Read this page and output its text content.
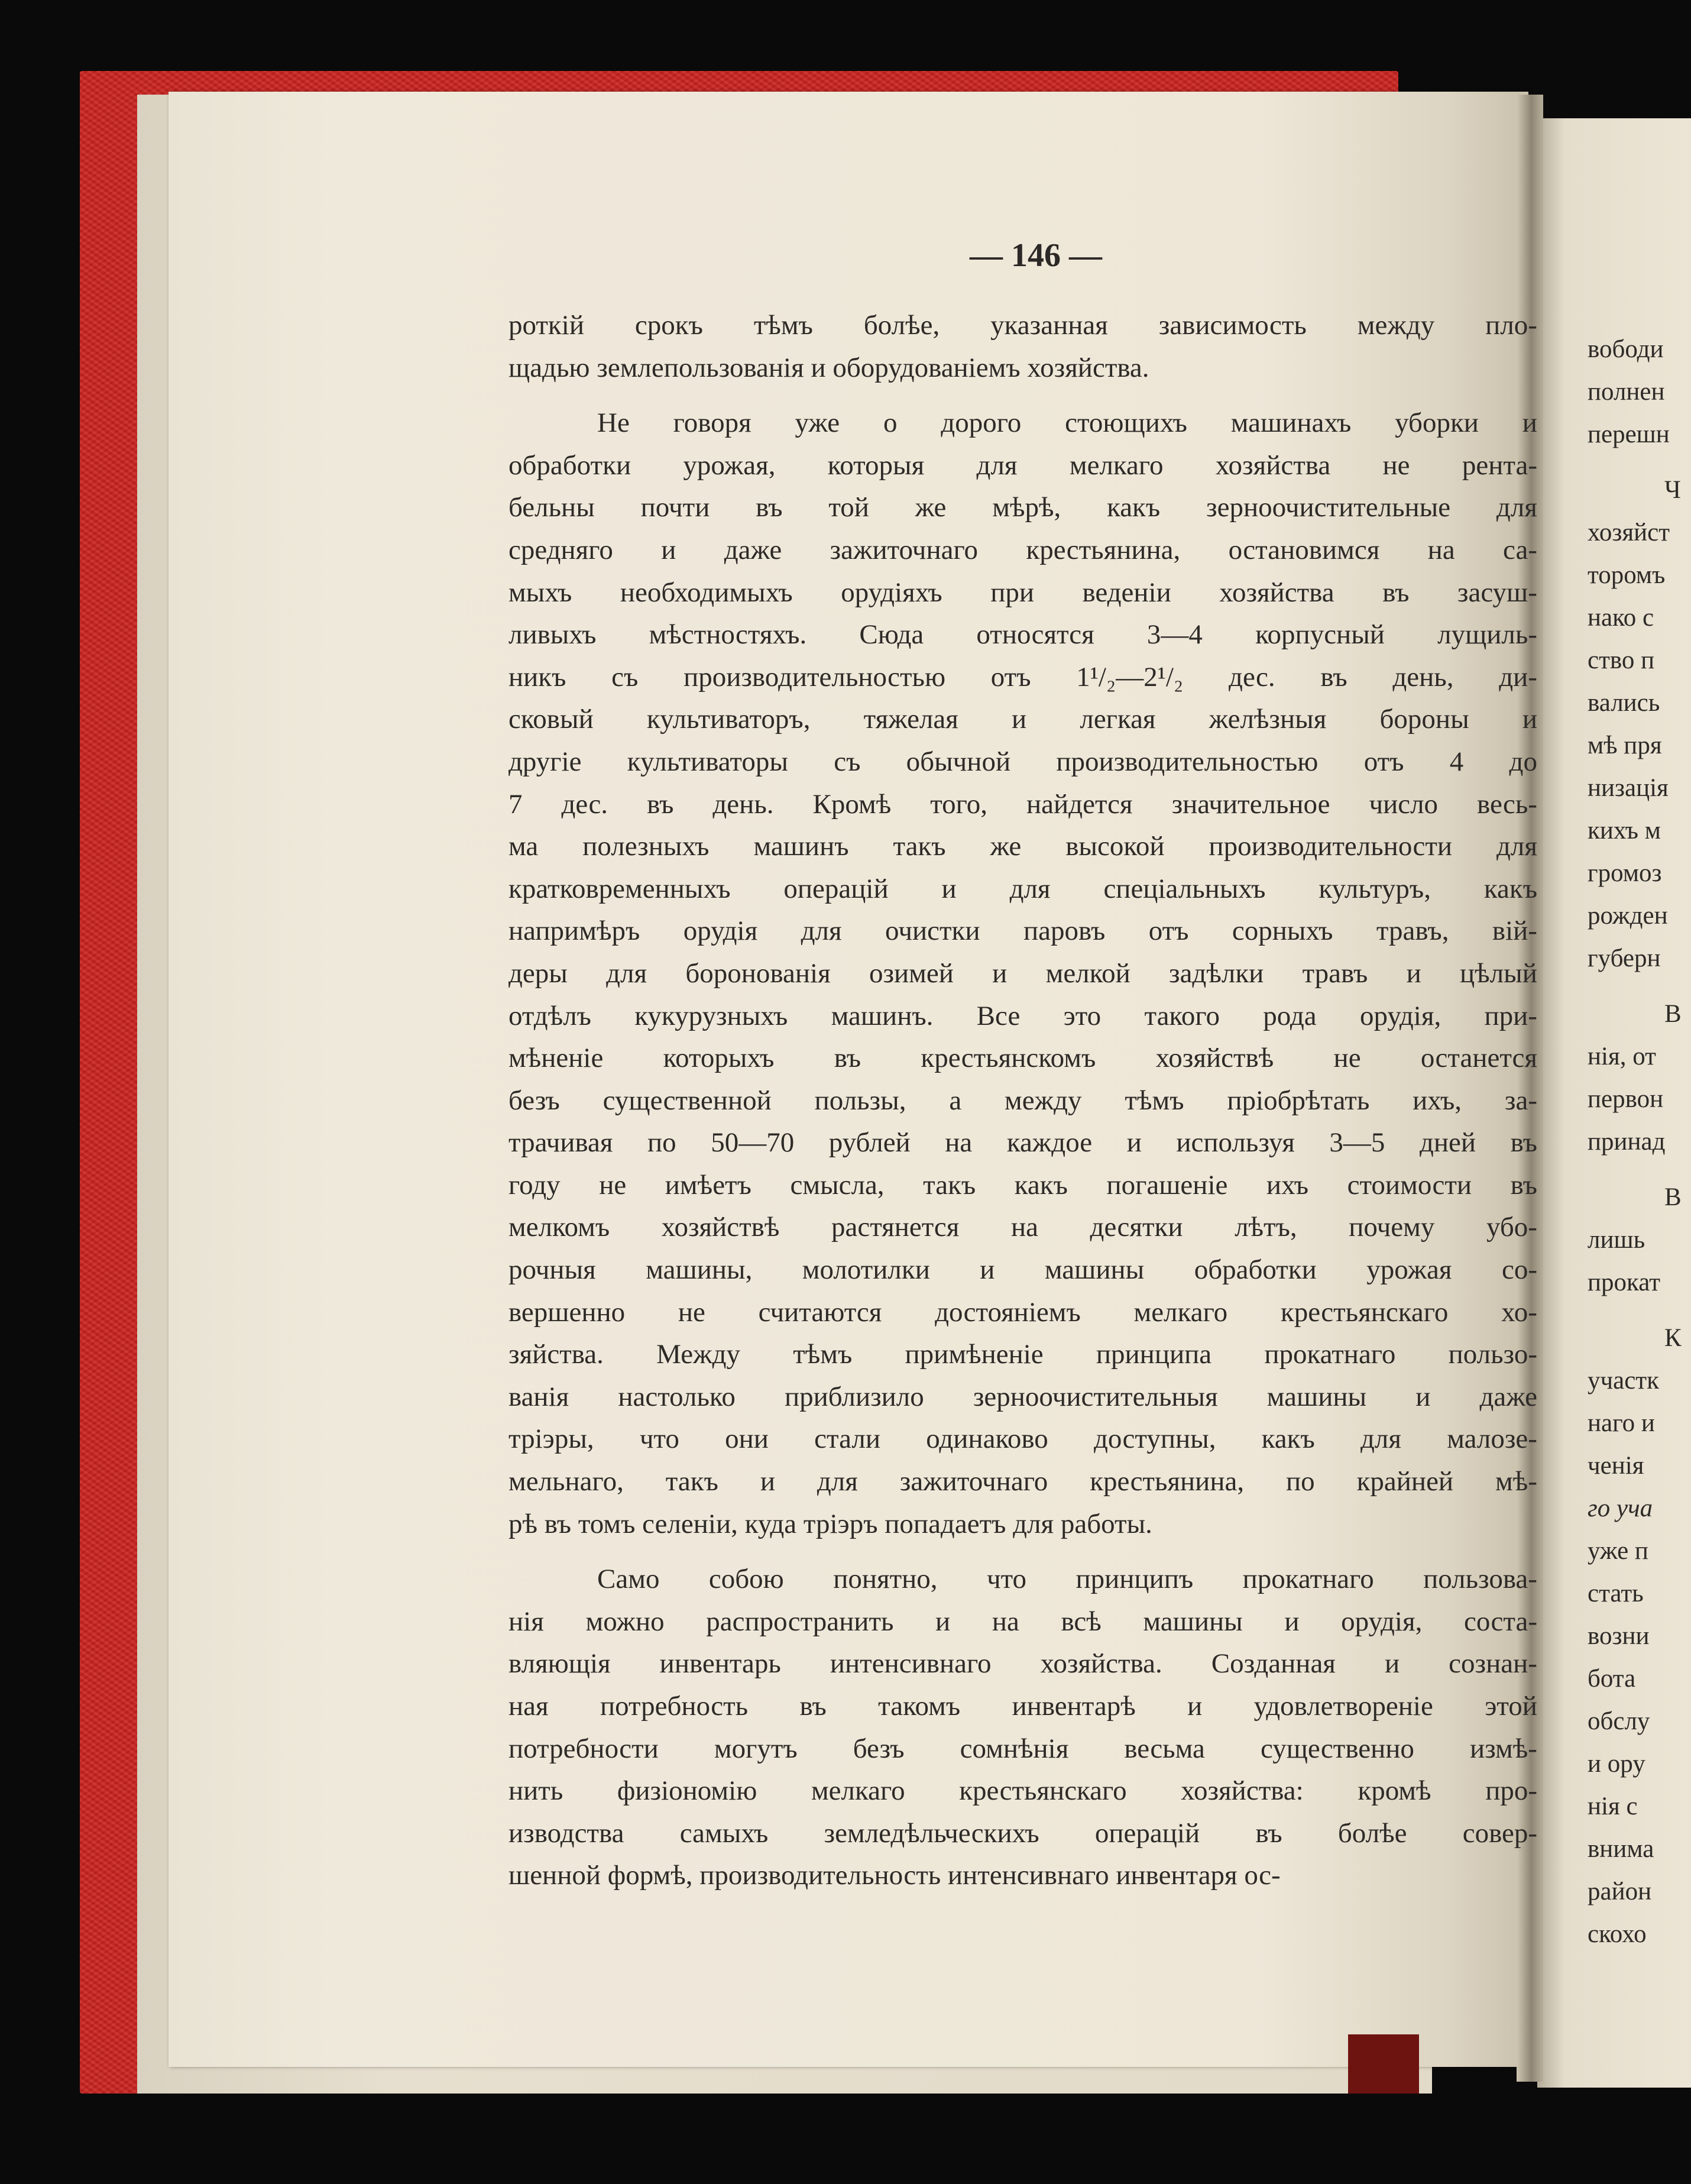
— 146 —
роткій срокъ тѣмъ болѣе, указанная зависимость между пло-
щадью землепользованія и оборудованіемъ хозяйства.
Не говоря уже о дорого стоющихъ машинахъ уборки и
обработки урожая, которыя для мелкаго хозяйства не рента-
бельны почти въ той же мѣрѣ, какъ зерноочистительные для
средняго и даже зажиточнаго крестьянина, остановимся на са-
мыхъ необходимыхъ орудіяхъ при веденіи хозяйства въ засуш-
ливыхъ мѣстностяхъ. Сюда относятся 3—4 корпусный лущиль-
никъ съ производительностью отъ 1¹/₂—2¹/₂ дес. въ день, ди-
сковый культиваторъ, тяжелая и легкая желѣзныя бороны и
другіе культиваторы съ обычной производительностью отъ 4 до
7 дес. въ день. Кромѣ того, найдется значительное число весь-
ма полезныхъ машинъ такъ же высокой производительности для
кратковременныхъ операцій и для спеціальныхъ культуръ, какъ
напримѣръ орудія для очистки паровъ отъ сорныхъ травъ, вій-
деры для боронованія озимей и мелкой задѣлки травъ и цѣлый
отдѣлъ кукурузныхъ машинъ. Все это такого рода орудія, при-
мѣненіе которыхъ въ крестьянскомъ хозяйствѣ не останется
безъ существенной пользы, а между тѣмъ пріобрѣтать ихъ, за-
трачивая по 50—70 рублей на каждое и используя 3—5 дней въ
году не имѣетъ смысла, такъ какъ погашеніе ихъ стоимости въ
мелкомъ хозяйствѣ растянется на десятки лѣтъ, почему убо-
рочныя машины, молотилки и машины обработки урожая со-
вершенно не считаются достояніемъ мелкаго крестьянскаго хо-
зяйства. Между тѣмъ примѣненіе принципа прокатнаго пользо-
ванія настолько приблизило зерноочистительныя машины и даже
тріэры, что они стали одинаково доступны, какъ для малозе-
мельнаго, такъ и для зажиточнаго крестьянина, по крайней мѣ-
рѣ въ томъ селеніи, куда тріэръ попадаетъ для работы.
Само собою понятно, что принципъ прокатнаго пользова-
нія можно распространить и на всѣ машины и орудія, соста-
вляющія инвентарь интенсивнаго хозяйства. Созданная и сознан-
ная потребность въ такомъ инвентарѣ и удовлетвореніе этой
потребности могутъ безъ сомнѣнія весьма существенно измѣ-
нить физіономію мелкаго крестьянскаго хозяйства: кромѣ про-
изводства самыхъ земледѣльческихъ операцій въ болѣе совер-
шенной формѣ, производительность интенсивнаго инвентаря ос-
вободи
полнен
перешн
Ч
хозяйст
торомъ
нако с
ство п
вались
мѣ пря
низація
кихъ м
громоз
рожден
губерн
В
нія, от
первон
принад
В
лишь
прокат
К
участк
наго и
ченія
го уча
уже п
стать
возни
бота
обслу
и ору
нія с
внима
район
скохо
